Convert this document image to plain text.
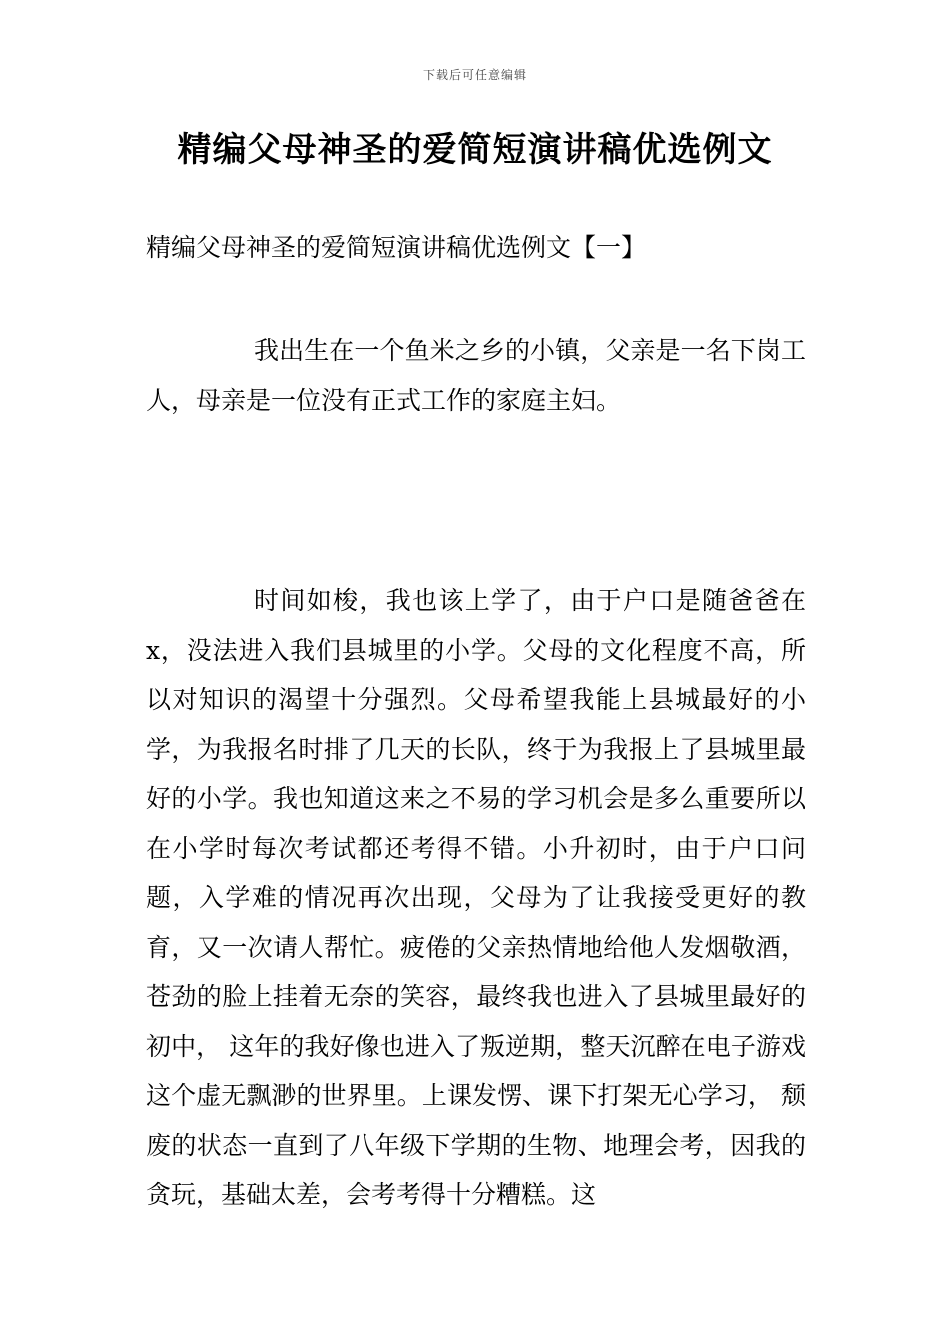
下载后可任意编辑
精编父母神圣的爱简短演讲稿优选例文
精编父母神圣的爱简短演讲稿优选例文【一】

我出生在一个鱼米之乡的小镇，父亲是一名下岗工人，母亲是一位没有正式工作的家庭主妇。

时间如梭，我也该上学了，由于户口是随爸爸在x，没法进入我们县城里的小学。父母的文化程度不高，所以对知识的渴望十分强烈。父母希望我能上县城最好的小学，为我报名时排了几天的长队，终于为我报上了县城里最好的小学。我也知道这来之不易的学习机会是多么重要所以在小学时每次考试都还考得不错。小升初时，由于户口问题，入学难的情况再次出现，父母为了让我接受更好的教育，又一次请人帮忙。疲倦的父亲热情地给他人发烟敬酒，苍劲的脸上挂着无奈的笑容，最终我也进入了县城里最好的初中， 这年的我好像也进入了叛逆期，整天沉醉在电子游戏这个虚无飘渺的世界里。上课发愣、课下打架无心学习， 颓废的状态一直到了八年级下学期的生物、地理会考，因我的贪玩，基础太差，会考考得十分糟糕。这
